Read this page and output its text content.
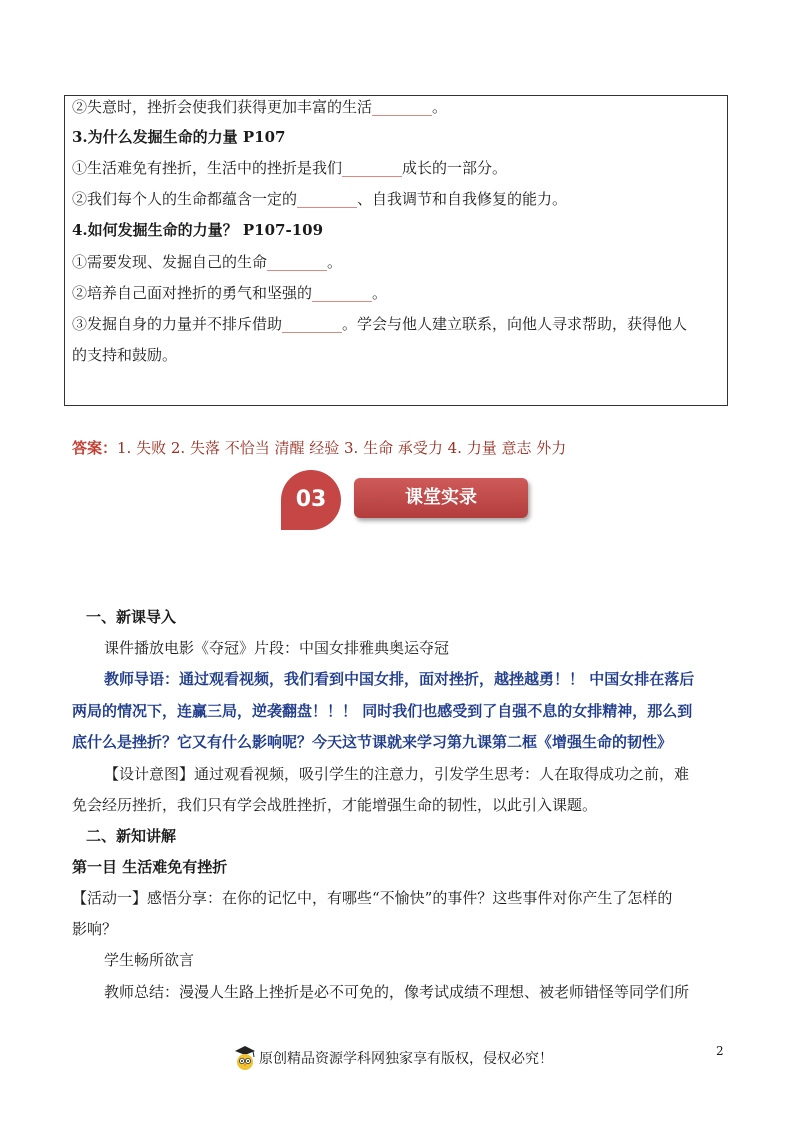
②失意时，挫折会使我们获得更加丰富的生活________。
3.为什么发掘生命的力量 P107
①生活难免有挫折，生活中的挫折是我们________成长的一部分。
②我们每个人的生命都蕴含一定的________、自我调节和自我修复的能力。
4.如何发掘生命的力量？ P107-109
①需要发现、发掘自己的生命________。
②培养自己面对挫折的勇气和坚强的________。
③发掘自身的力量并不排斥借助________。学会与他人建立联系，向他人寻求帮助，获得他人
的支持和鼓励。
答案：1. 失败 2. 失落 不恰当 清醒 经验 3. 生命 承受力 4. 力量 意志 外力
03	课堂实录
一、新课导入
课件播放电影《夺冠》片段：中国女排雅典奥运夺冠
教师导语：通过观看视频，我们看到中国女排，面对挫折，越挫越勇！！ 中国女排在落后
两局的情况下，连赢三局，逆袭翻盘！！！ 同时我们也感受到了自强不息的女排精神，那么到
底什么是挫折？它又有什么影响呢？今天这节课就来学习第九课第二框《增强生命的韧性》
【设计意图】通过观看视频，吸引学生的注意力，引发学生思考：人在取得成功之前，难
免会经历挫折，我们只有学会战胜挫折，才能增强生命的韧性，以此引入课题。
二、新知讲解
第一目 生活难免有挫折
【活动一】感悟分享：在你的记忆中，有哪些“不愉快”的事件？这些事件对你产生了怎样的
影响？
学生畅所欲言
教师总结：漫漫人生路上挫折是必不可免的，像考试成绩不理想、被老师错怪等同学们所
原创精品资源学科网独家享有版权，侵权必究！	2
